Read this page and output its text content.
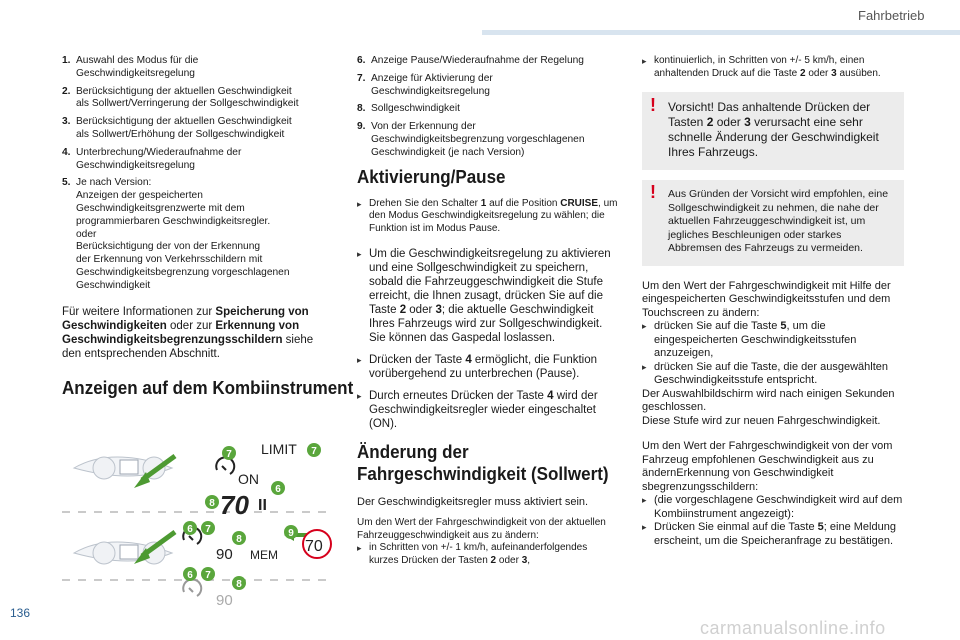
Fahrbetrieb
136
carmanualsonline.info
1. Auswahl des Modus für die
Geschwindigkeitsregelung
2. Berücksichtigung der aktuellen Geschwindigkeit
als Sollwert/Verringerung der Sollgeschwindigkeit
3. Berücksichtigung der aktuellen Geschwindigkeit
als Sollwert/Erhöhung der Sollgeschwindigkeit
4. Unterbrechung/Wiederaufnahme der
Geschwindigkeitsregelung
5. Je nach Version:
Anzeigen der gespeicherten
Geschwindigkeitsgrenzwerte mit dem
programmierbaren Geschwindigkeitsregler.
oder
Berücksichtigung der von der Erkennung
der Erkennung von Verkehrsschildern mit
Geschwindigkeitsbegrenzung vorgeschlagenen
Geschwindigkeit

Für weitere Informationen zur Speicherung von Geschwindigkeiten oder zur Erkennung von Geschwindigkeitsbegrenzungsschildern siehe den entsprechenden Abschnitt.

Anzeigen auf dem Kombiinstrument
LIMIT
ON
70 II
90 MEM 70
90
7	7
6
8
6 7
8
9
6 7
8
6. Anzeige Pause/Wiederaufnahme der Regelung
7. Anzeige für Aktivierung der
Geschwindigkeitsregelung
8. Sollgeschwindigkeit
9. Von der Erkennung der
Geschwindigkeitsbegrenzung vorgeschlagenen
Geschwindigkeit (je nach Version)
Aktivierung/Pause
▸ Drehen Sie den Schalter 1 auf die Position CRUISE, um den Modus Geschwindigkeitsregelung zu wählen; die Funktion ist im Modus Pause.
▸ Um die Geschwindigkeitsregelung zu aktivieren und eine Sollgeschwindigkeit zu speichern, sobald die Fahrzeuggeschwindigkeit die Stufe erreicht, die Ihnen zusagt, drücken Sie auf die Taste 2 oder 3; die aktuelle Geschwindigkeit Ihres Fahrzeugs wird zur Sollgeschwindigkeit. Sie können das Gaspedal loslassen.
▸ Drücken der Taste 4 ermöglicht, die Funktion vorübergehend zu unterbrechen (Pause).
▸ Durch erneutes Drücken der Taste 4 wird der Geschwindigkeitsregler wieder eingeschaltet (ON).
Änderung der
Fahrgeschwindigkeit (Sollwert)

Der Geschwindigkeitsregler muss aktiviert sein.

Um den Wert der Fahrgeschwindigkeit von der aktuellen Fahrzeuggeschwindigkeit aus zu ändern:

▸ in Schritten von +/- 1 km/h, aufeinanderfolgendes kurzes Drücken der Tasten 2 oder 3,
▸ kontinuierlich, in Schritten von +/- 5 km/h, einen anhaltenden Druck auf die Taste 2 oder 3 ausüben.
! Vorsicht! Das anhaltende Drücken der Tasten 2 oder 3 verursacht eine sehr schnelle Änderung der Geschwindigkeit Ihres Fahrzeugs.
! Aus Gründen der Vorsicht wird empfohlen, eine Sollgeschwindigkeit zu nehmen, die nahe der aktuellen Fahrzeuggeschwindigkeit ist, um jegliches Beschleunigen oder starkes Abbremsen des Fahrzeugs zu vermeiden.

Um den Wert der Fahrgeschwindigkeit mit Hilfe der eingespeicherten Geschwindigkeitsstufen und dem Touchscreen zu ändern:

▸ drücken Sie auf die Taste 5, um die eingespeicherten Geschwindigkeitsstufen anzuzeigen,
▸ drücken Sie auf die Taste, die der ausgewählten Geschwindigkeitsstufe entspricht.

Der Auswahlbildschirm wird nach einigen Sekunden geschlossen.

Diese Stufe wird zur neuen Fahrgeschwindigkeit.

Um den Wert der Fahrgeschwindigkeit von der vom Fahrzeug empfohlenen Geschwindigkeit aus zu ändernErkennung von Geschwindigkeit sbegrenzungsschildern:

▸ (die vorgeschlagene Geschwindigkeit wird auf dem Kombiinstrument angezeigt):
▸ Drücken Sie einmal auf die Taste 5; eine Meldung erscheint, um die Speicheranfrage zu bestätigen.
